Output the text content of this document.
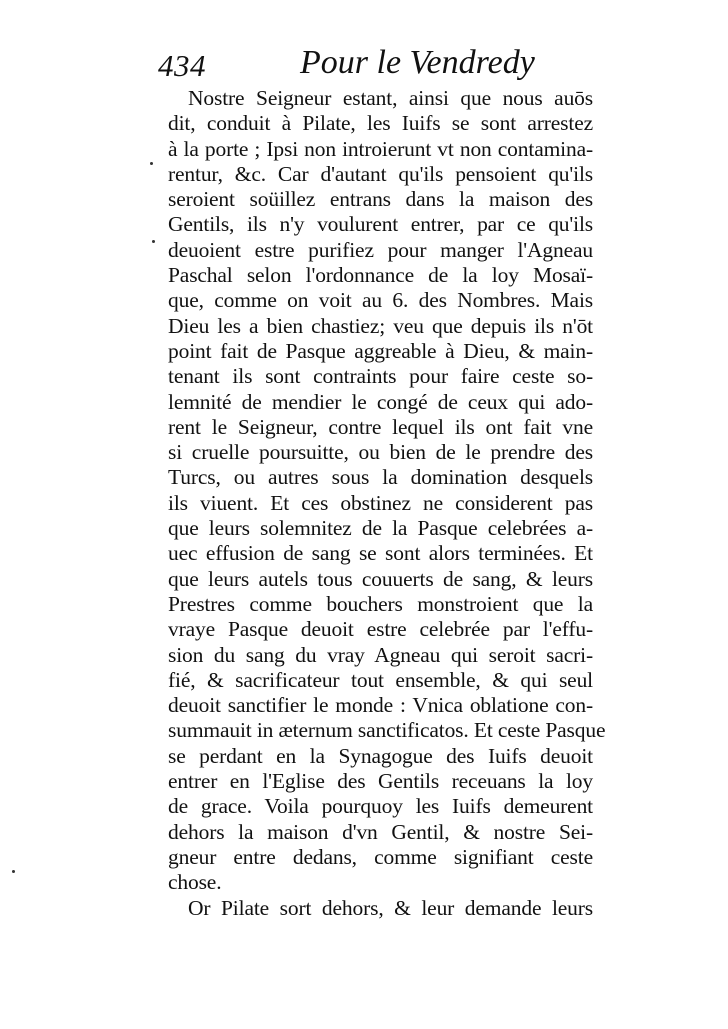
434	Pour le Vendredy
Nostre Seigneur estant, ainsi que nous auōs
dit, conduit à Pilate, les Iuifs se sont arrestez
à la porte ; Ipsi non introierunt vt non contamina-
rentur, &c. Car d'autant qu'ils pensoient qu'ils
seroient soüillez entrans dans la maison des
Gentils, ils n'y voulurent entrer, par ce qu'ils
deuoient estre purifiez pour manger l'Agneau
Paschal selon l'ordonnance de la loy Mosaï-
que, comme on voit au 6. des Nombres. Mais
Dieu les a bien chastiez; veu que depuis ils n'ōt
point fait de Pasque aggreable à Dieu, & main-
tenant ils sont contraints pour faire ceste so-
lemnité de mendier le congé de ceux qui ado-
rent le Seigneur, contre lequel ils ont fait vne
si cruelle poursuitte, ou bien de le prendre des
Turcs, ou autres sous la domination desquels
ils viuent. Et ces obstinez ne considerent pas
que leurs solemnitez de la Pasque celebrées a-
uec effusion de sang se sont alors terminées. Et
que leurs autels tous couuerts de sang, & leurs
Prestres comme bouchers monstroient que la
vraye Pasque deuoit estre celebrée par l'effu-
sion du sang du vray Agneau qui seroit sacri-
fié, & sacrificateur tout ensemble, & qui seul
deuoit sanctifier le monde : Vnica oblatione con-
summauit in æternum sanctificatos. Et ceste Pasque
se perdant en la Synagogue des Iuifs deuoit
entrer en l'Eglise des Gentils receuans la loy
de grace. Voila pourquoy les Iuifs demeurent
dehors la maison d'vn Gentil, & nostre Sei-
gneur entre dedans, comme signifiant ceste
chose.
Or Pilate sort dehors, & leur demande leurs
